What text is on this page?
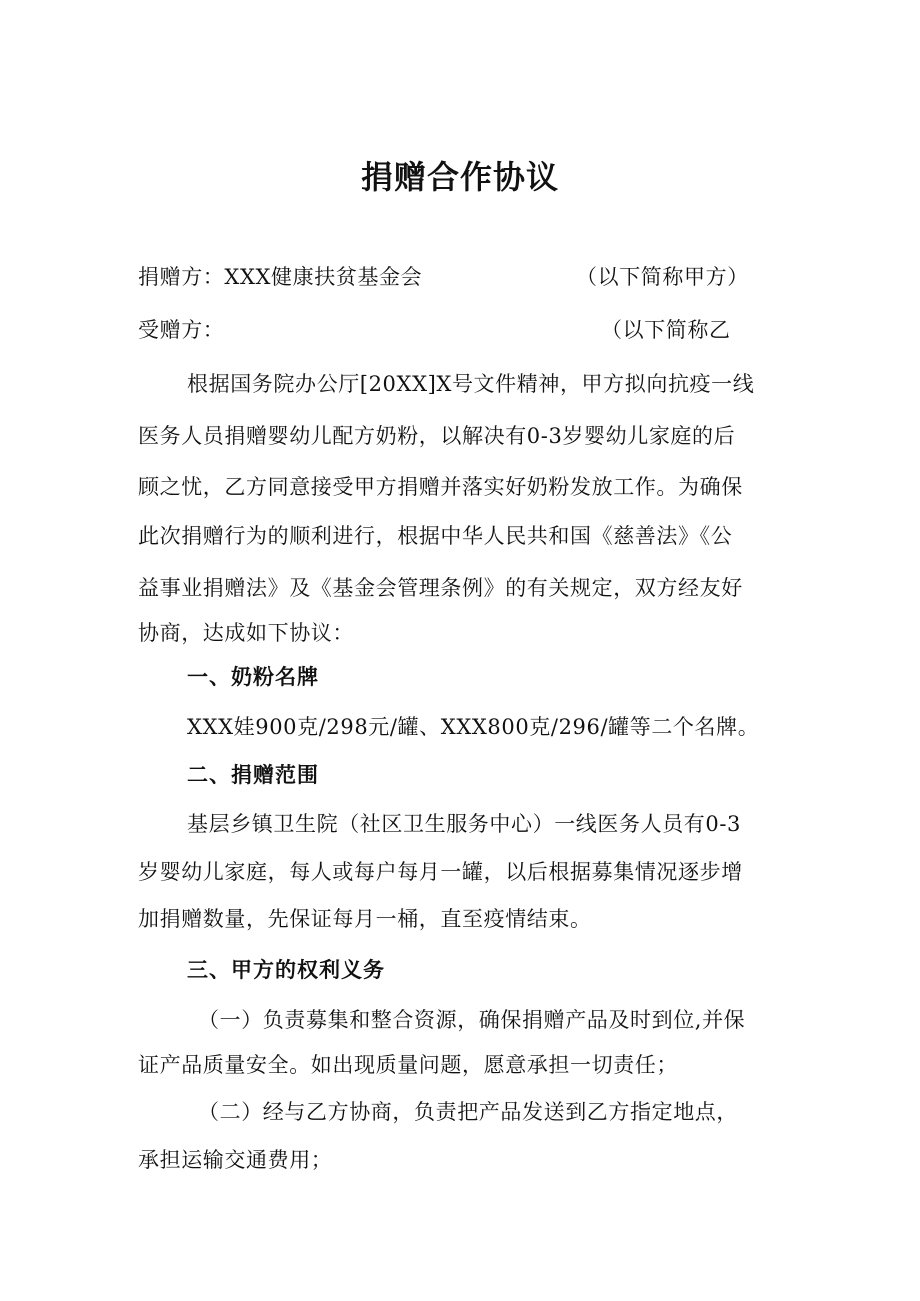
捐赠合作协议
捐赠方：XXX健康扶贫基金会	（以下简称甲方）
受赠方：	（以下简称乙
根据国务院办公厅[20XX]X号文件精神，甲方拟向抗疫一线
医务人员捐赠婴幼儿配方奶粉，以解决有0-3岁婴幼儿家庭的后
顾之忧，乙方同意接受甲方捐赠并落实好奶粉发放工作。为确保
此次捐赠行为的顺利进行，根据中华人民共和国《慈善法》《公
益事业捐赠法》及《基金会管理条例》的有关规定，双方经友好
协商，达成如下协议：
一、奶粉名牌
XXX娃900克/298元/罐、XXX800克/296/罐等二个名牌。
二、捐赠范围
基层乡镇卫生院（社区卫生服务中心）一线医务人员有0-3
岁婴幼儿家庭，每人或每户每月一罐，以后根据募集情况逐步增
加捐赠数量，先保证每月一桶，直至疫情结束。
三、甲方的权利义务
（一）负责募集和整合资源，确保捐赠产品及时到位,并保
证产品质量安全。如出现质量问题，愿意承担一切责任；
（二）经与乙方协商，负责把产品发送到乙方指定地点，
承担运输交通费用；
